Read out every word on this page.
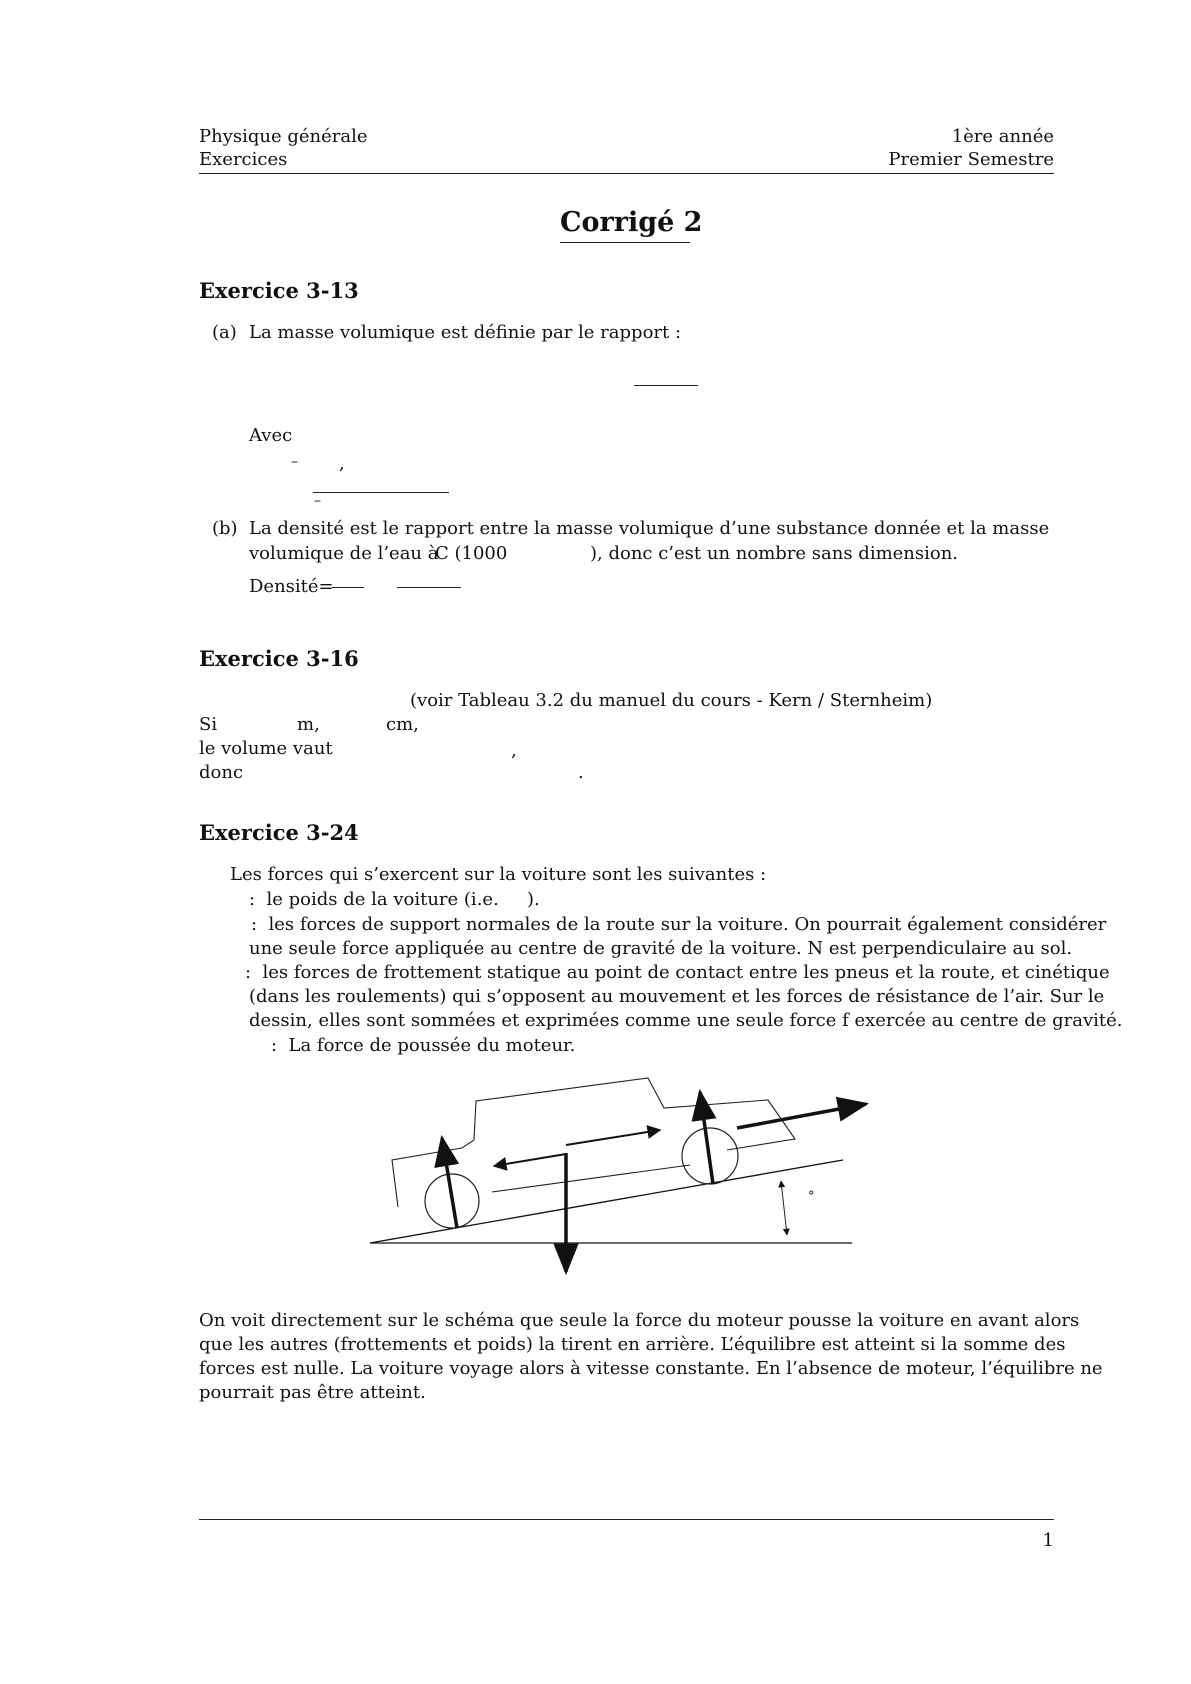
Physique générale
Exercices
1ère année
Premier Semestre
Corrigé 2
Exercice 3-13
(a) La masse volumique est définie par le rapport :
Avec
– ,
–
(b) La densité est le rapport entre la masse volumique d’une substance donnée et la masse
volumique de l’eau à
C (1000	), donc c’est un nombre sans dimension.
Densité=
Exercice 3-16
(voir Tableau 3.2 du manuel du cours - Kern / Sternheim)
Si	m,	cm,
le volume vaut	,
donc	.
Exercice 3-24
Les forces qui s’exercent sur la voiture sont les suivantes :
:  le poids de la voiture (i.e. ).
:  les forces de support normales de la route sur la voiture. On pourrait également considérer
une seule force appliquée au centre de gravité de la voiture. N est perpendiculaire au sol.
:  les forces de frottement statique au point de contact entre les pneus et la route, et cinétique
(dans les roulements) qui s’opposent au mouvement et les forces de résistance de l’air. Sur le
dessin, elles sont sommées et exprimées comme une seule force f exercée au centre de gravité.
:  La force de poussée du moteur.
°
On voit directement sur le schéma que seule la force du moteur pousse la voiture en avant alors
que les autres (frottements et poids) la tirent en arrière. L’équilibre est atteint si la somme des
forces est nulle. La voiture voyage alors à vitesse constante. En l’absence de moteur, l’équilibre ne
pourrait pas être atteint.
1
